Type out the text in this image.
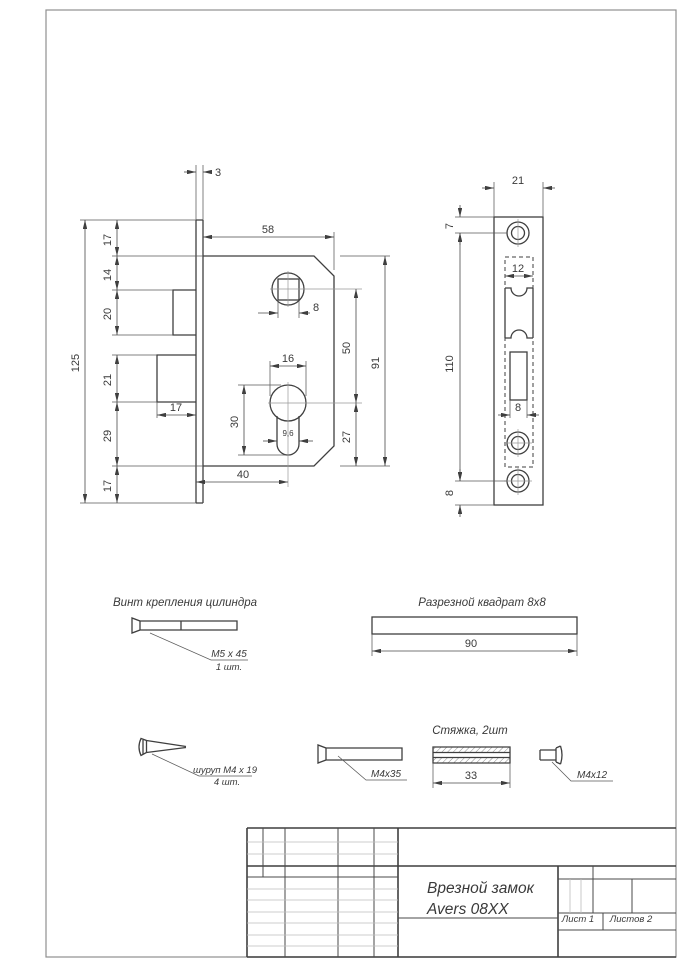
125
17
14
20
21
29
17
3
58
8
16
30
9,6
50
27
91
40
17
21
7
110
8
12
8
Винт крепления цилиндра
M5 x 45
1 шт.
Разрезной квадрат 8x8
90
шуруп M4 x 19
4 шт.
M4x35
Стяжка, 2шт
33	M4x12
Врезной замок
Avers 08XX
Лист 1 Листов 2
